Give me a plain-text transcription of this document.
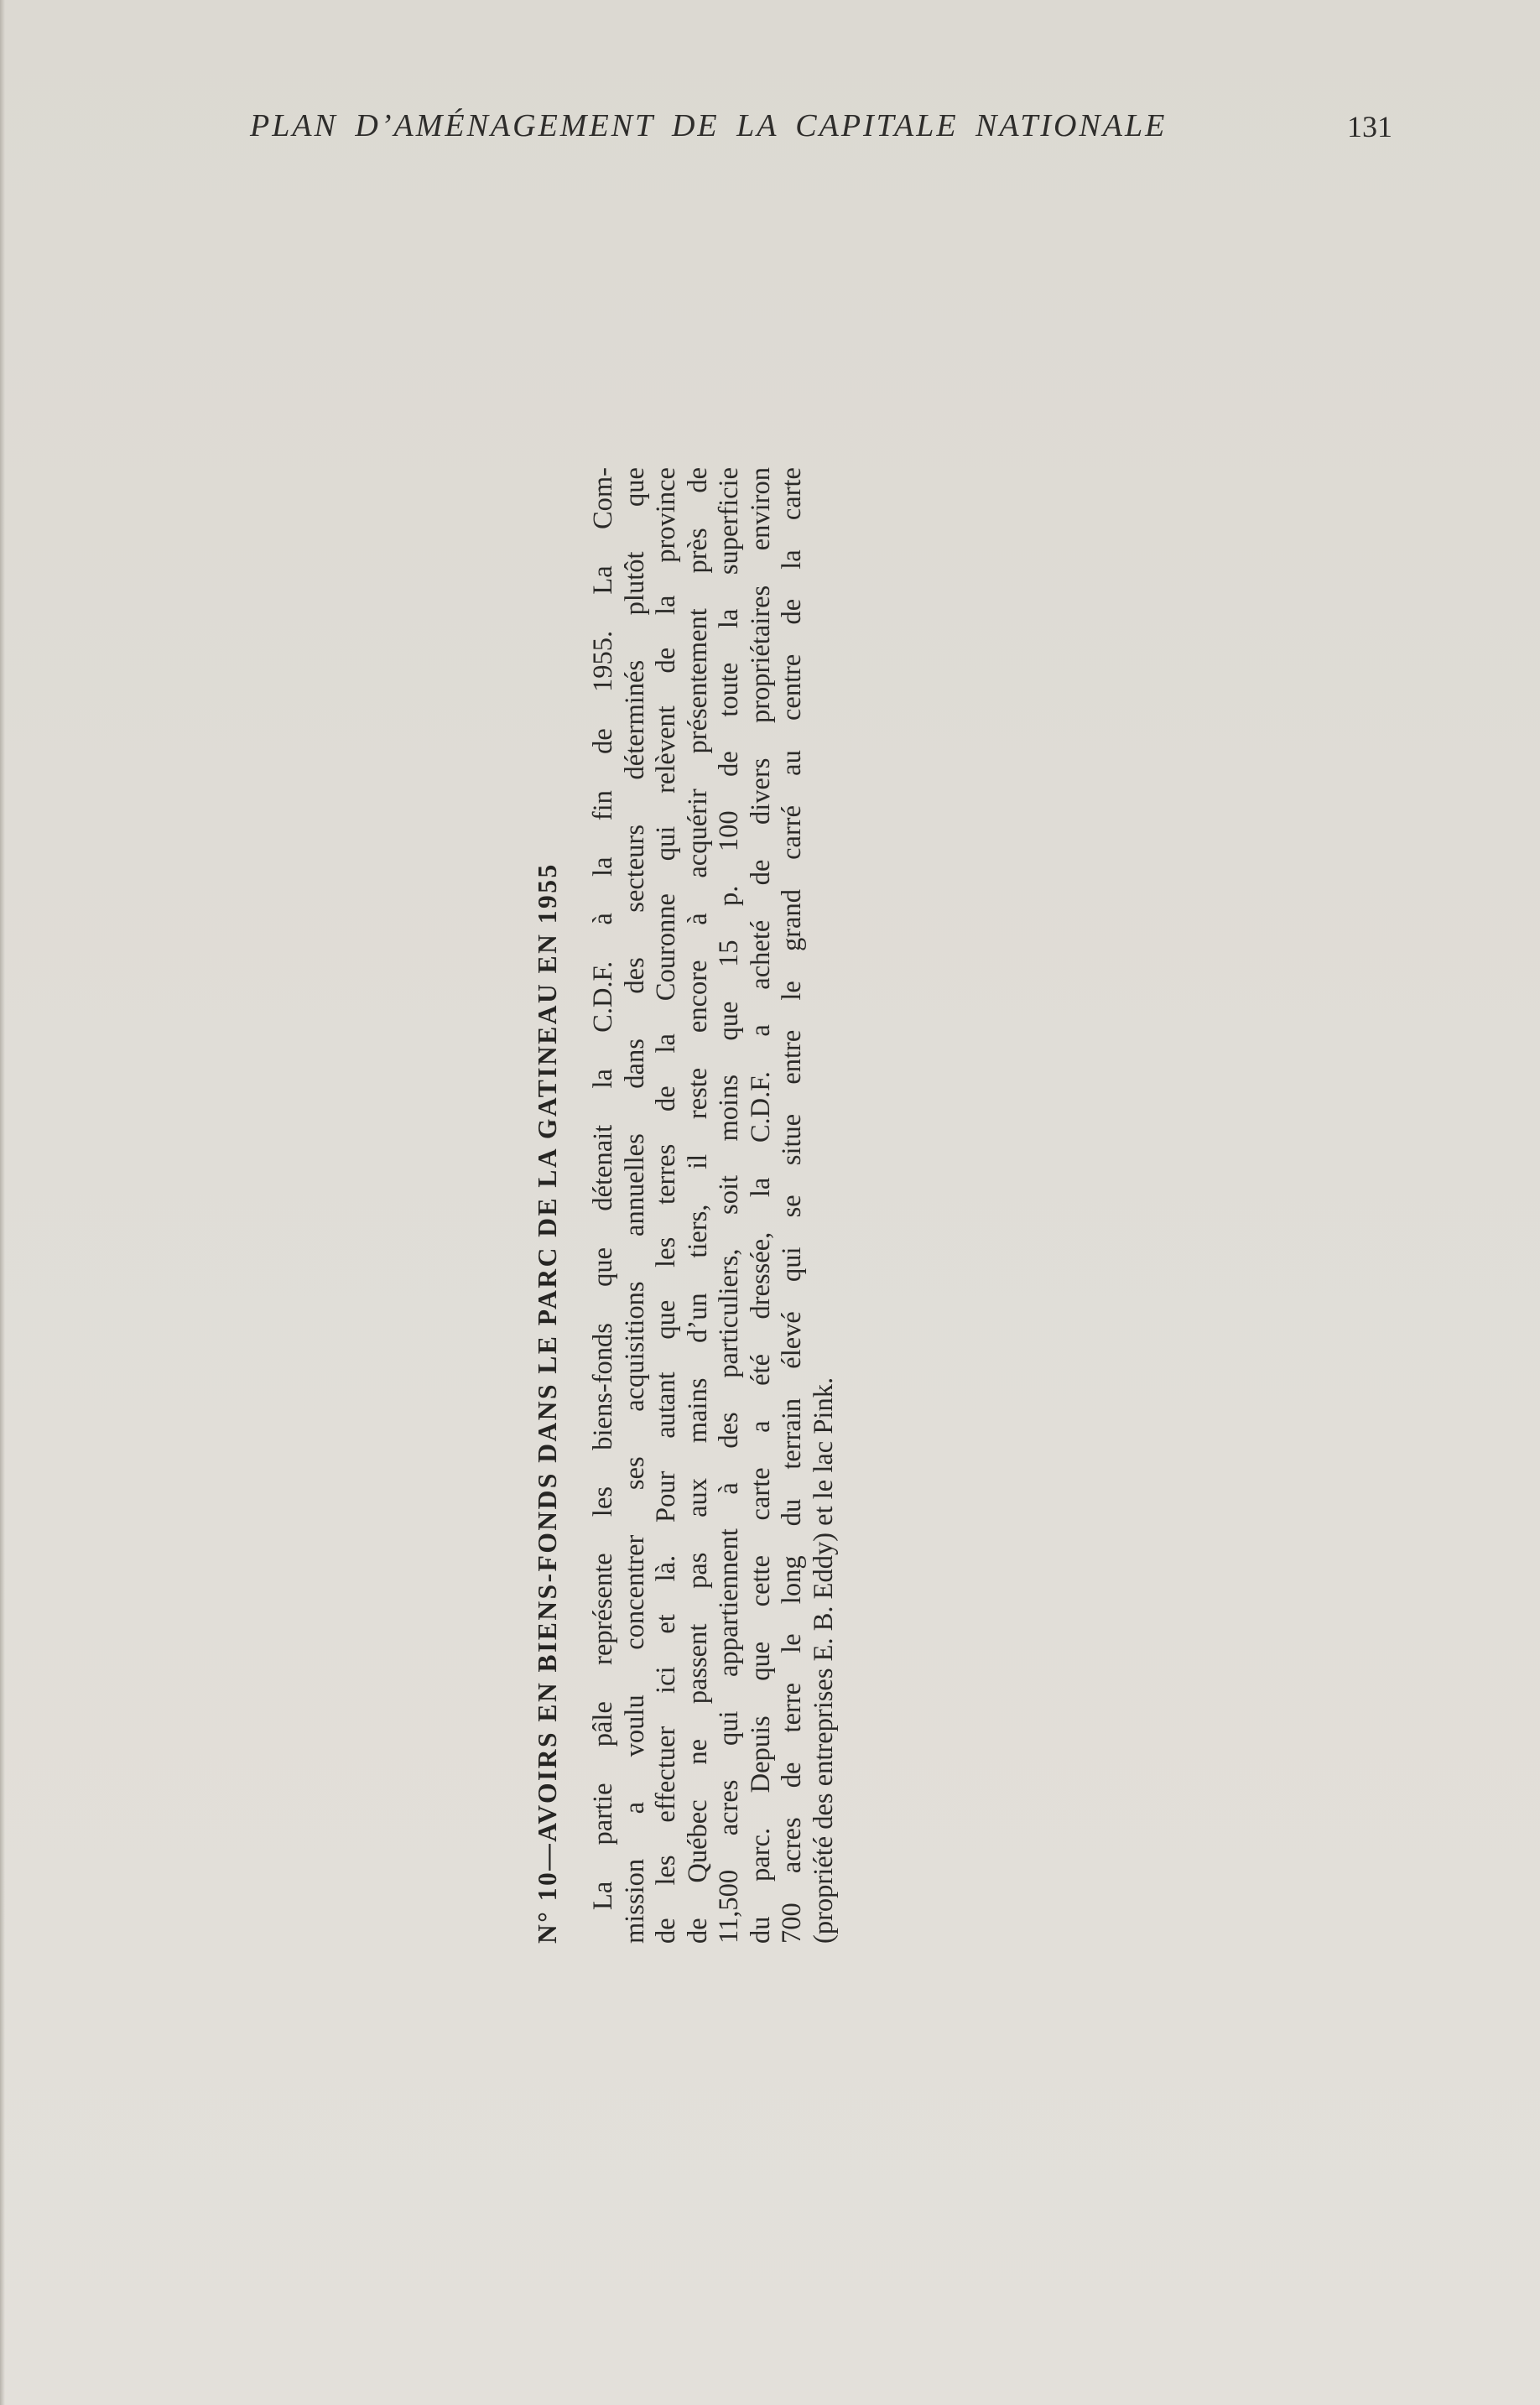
PLAN D’AMÉNAGEMENT DE LA CAPITALE NATIONALE	131
N° 10—AVOIRS EN BIENS-FONDS DANS LE PARC DE LA GATINEAU EN 1955 La partie pâle représente les biens-fonds que détenait la C.D.F. à la fin de 1955. La Com- mission a voulu concentrer ses acquisitions annuelles dans des secteurs déterminés plutôt que de les effectuer ici et là. Pour autant que les terres de la Couronne qui relèvent de la province de Québec ne passent pas aux mains d’un tiers, il reste encore à acquérir présentement près de 11,500 acres qui appartiennent à des particuliers, soit moins que 15 p. 100 de toute la superficie du parc. Depuis que cette carte a été dressée, la C.D.F. a acheté de divers propriétaires environ 700 acres de terre le long du terrain élevé qui se situe entre le grand carré au centre de la carte (propriété des entreprises E. B. Eddy) et le lac Pink.
